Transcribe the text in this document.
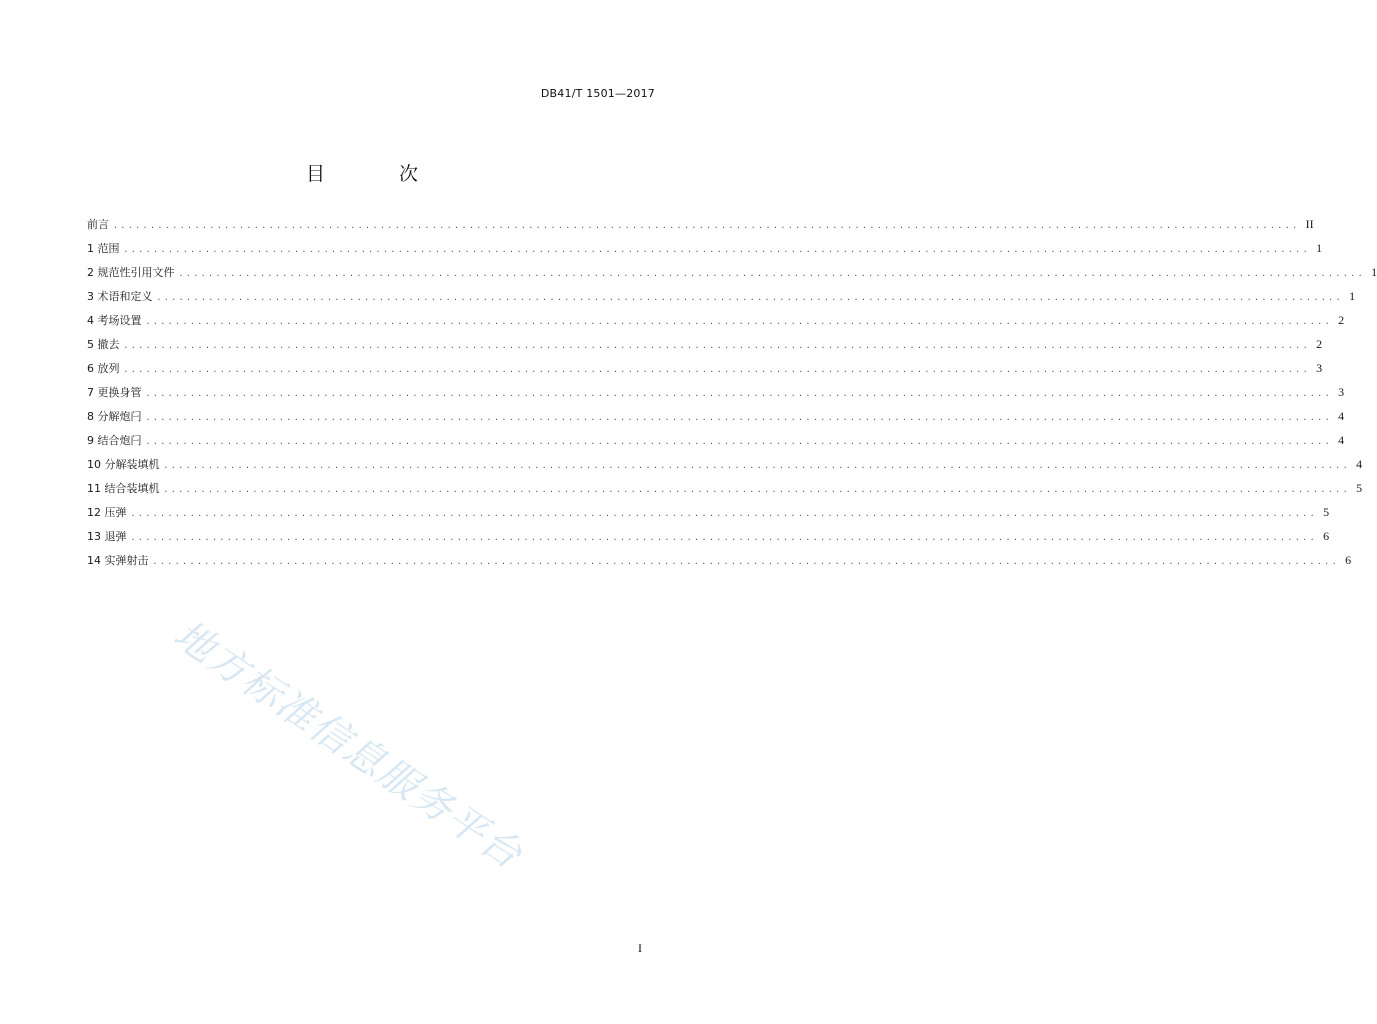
DB41/T 1501—2017
目 次
前言 ................................................................................................................................................................ II
1 范围 ................................................................................................................................................................ 1
2 规范性引用文件 ................................................................................................................................................................ 1
3 术语和定义 ................................................................................................................................................................ 1
4 考场设置 ................................................................................................................................................................ 2
5 撤去 ................................................................................................................................................................ 2
6 放列 ................................................................................................................................................................ 3
7 更换身管 ................................................................................................................................................................ 3
8 分解炮闩 ................................................................................................................................................................ 4
9 结合炮闩 ................................................................................................................................................................ 4
10 分解装填机 ................................................................................................................................................................ 4
11 结合装填机 ................................................................................................................................................................ 5
12 压弹 ................................................................................................................................................................ 5
13 退弹 ................................................................................................................................................................ 6
14 实弹射击 ................................................................................................................................................................ 6
地方标准信息服务平台
I
